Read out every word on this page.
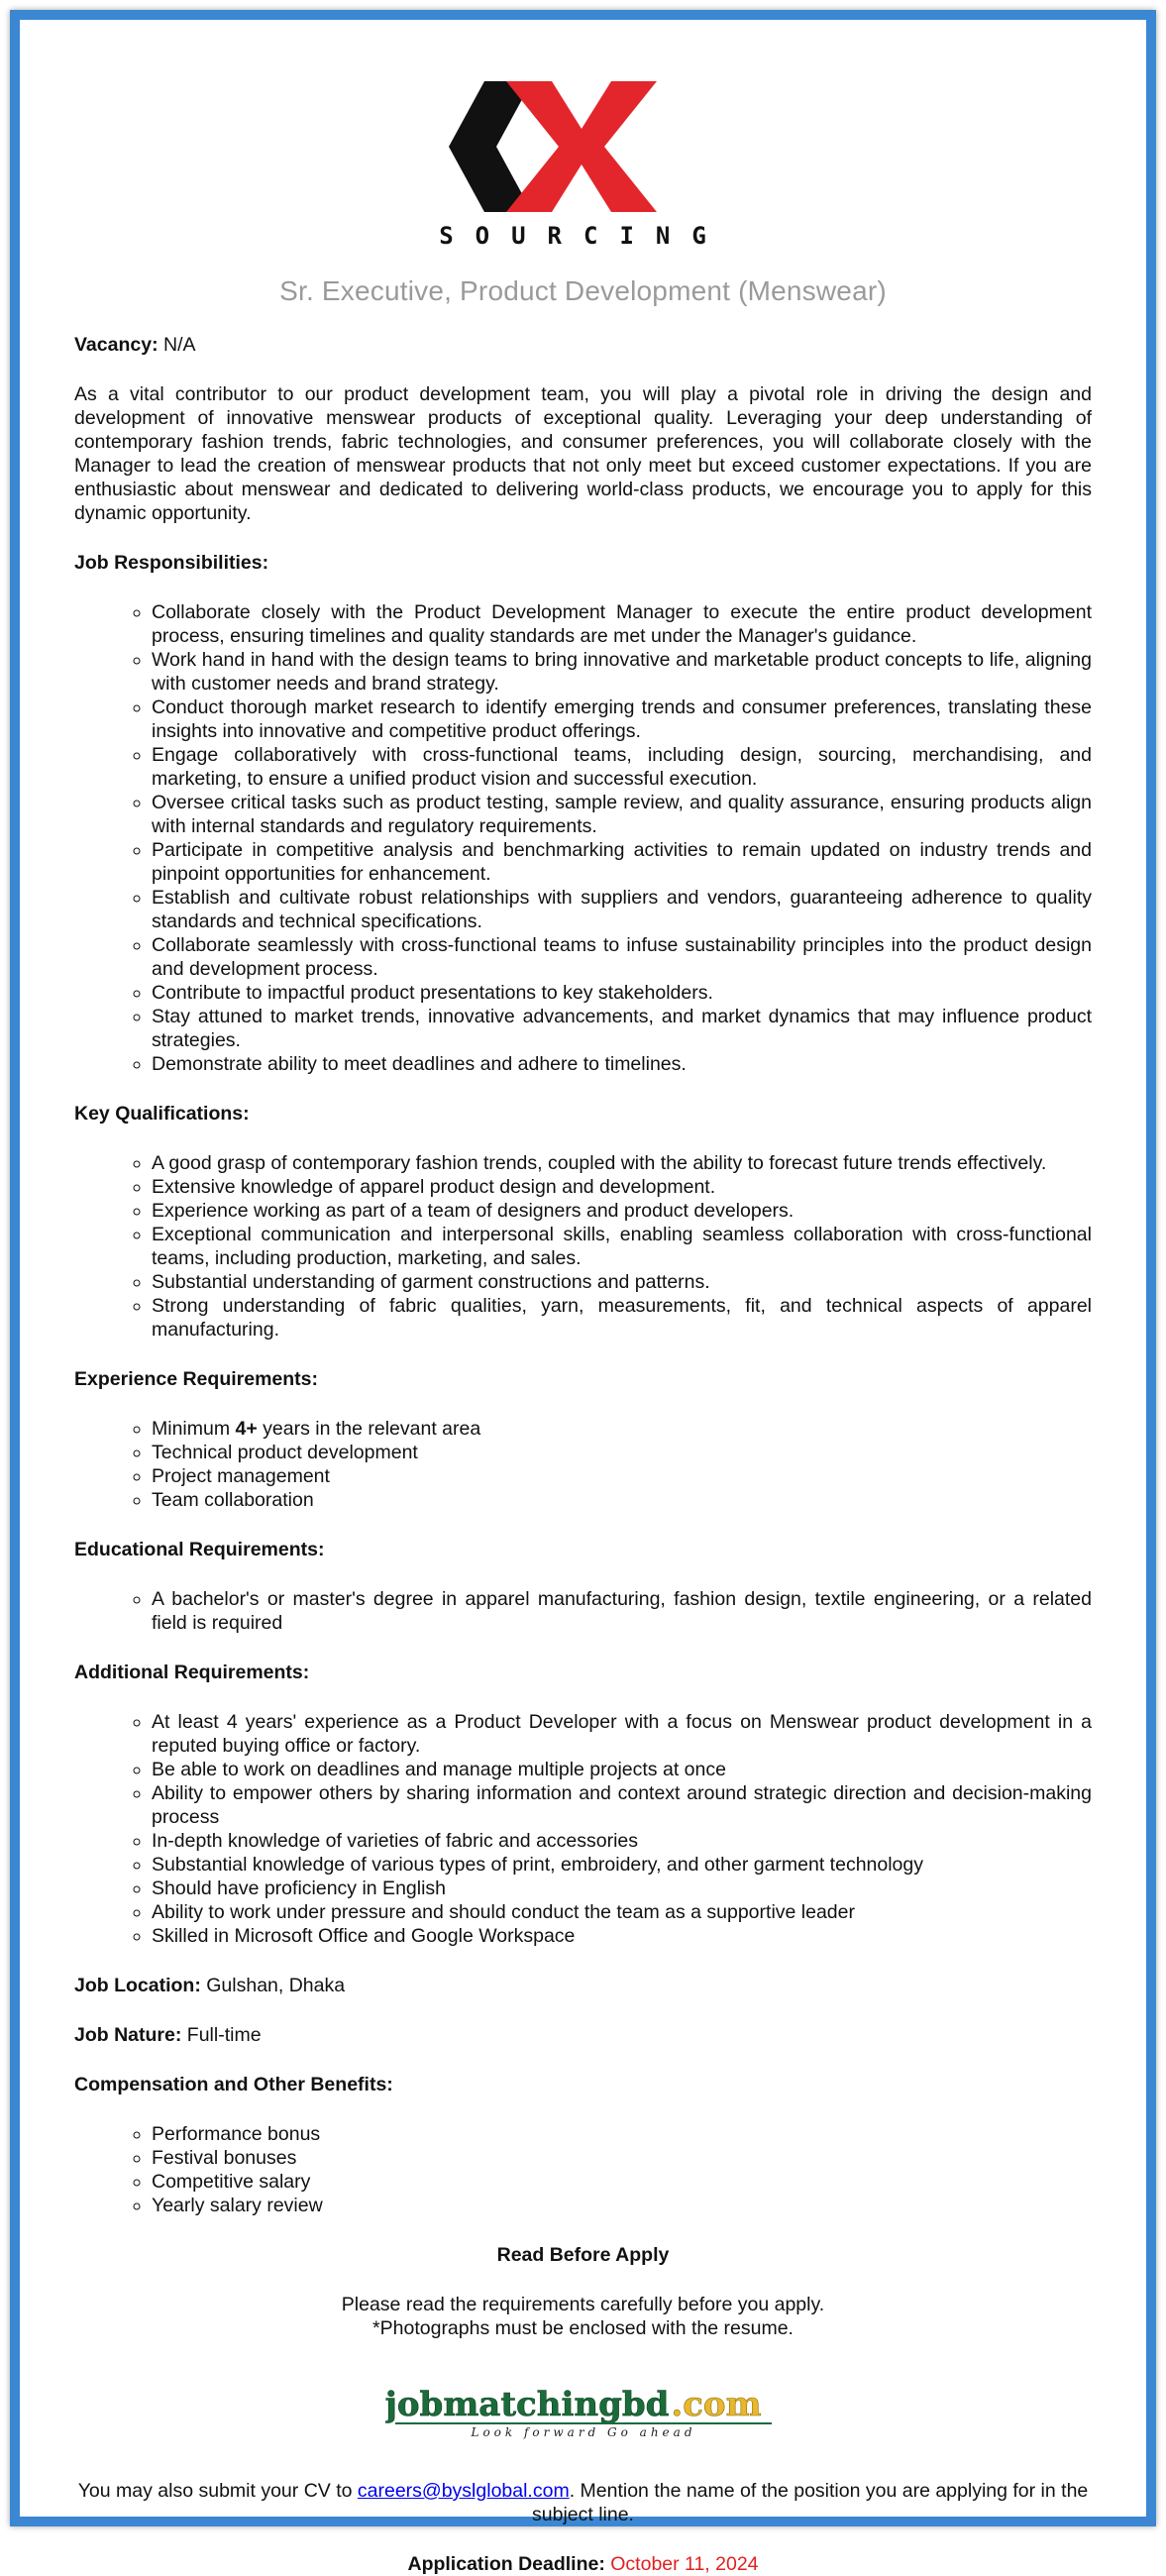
SOURCING
Sr. Executive, Product Development (Menswear)

Vacancy: N/A

As a vital contributor to our product development team, you will play a pivotal role in driving the design and development of innovative menswear products of exceptional quality. Leveraging your deep understanding of contemporary fashion trends, fabric technologies, and consumer preferences, you will collaborate closely with the Manager to lead the creation of menswear products that not only meet but exceed customer expectations. If you are enthusiastic about menswear and dedicated to delivering world-class products, we encourage you to apply for this dynamic opportunity.

Job Responsibilities:

◦ Collaborate closely with the Product Development Manager to execute the entire product development process, ensuring timelines and quality standards are met under the Manager's guidance.
◦ Work hand in hand with the design teams to bring innovative and marketable product concepts to life, aligning with customer needs and brand strategy.
◦ Conduct thorough market research to identify emerging trends and consumer preferences, translating these insights into innovative and competitive product offerings.
◦ Engage collaboratively with cross-functional teams, including design, sourcing, merchandising, and marketing, to ensure a unified product vision and successful execution.
◦ Oversee critical tasks such as product testing, sample review, and quality assurance, ensuring products align with internal standards and regulatory requirements.
◦ Participate in competitive analysis and benchmarking activities to remain updated on industry trends and pinpoint opportunities for enhancement.
◦ Establish and cultivate robust relationships with suppliers and vendors, guaranteeing adherence to quality standards and technical specifications.
◦ Collaborate seamlessly with cross-functional teams to infuse sustainability principles into the product design and development process.
◦ Contribute to impactful product presentations to key stakeholders.
◦ Stay attuned to market trends, innovative advancements, and market dynamics that may influence product strategies.
◦ Demonstrate ability to meet deadlines and adhere to timelines.

Key Qualifications:

◦ A good grasp of contemporary fashion trends, coupled with the ability to forecast future trends effectively.
◦ Extensive knowledge of apparel product design and development.
◦ Experience working as part of a team of designers and product developers.
◦ Exceptional communication and interpersonal skills, enabling seamless collaboration with cross-functional teams, including production, marketing, and sales.
◦ Substantial understanding of garment constructions and patterns.
◦ Strong understanding of fabric qualities, yarn, measurements, fit, and technical aspects of apparel manufacturing.

Experience Requirements:

◦ Minimum 4+ years in the relevant area
◦ Technical product development
◦ Project management
◦ Team collaboration

Educational Requirements:

◦ A bachelor's or master's degree in apparel manufacturing, fashion design, textile engineering, or a related field is required

Additional Requirements:

◦ At least 4 years' experience as a Product Developer with a focus on Menswear product development in a reputed buying office or factory.
◦ Be able to work on deadlines and manage multiple projects at once
◦ Ability to empower others by sharing information and context around strategic direction and decision-making process
◦ In-depth knowledge of varieties of fabric and accessories
◦ Substantial knowledge of various types of print, embroidery, and other garment technology
◦ Should have proficiency in English
◦ Ability to work under pressure and should conduct the team as a supportive leader
◦ Skilled in Microsoft Office and Google Workspace

Job Location: Gulshan, Dhaka

Job Nature: Full-time

Compensation and Other Benefits:

◦ Performance bonus
◦ Festival bonuses
◦ Competitive salary
◦ Yearly salary review

Read Before Apply

Please read the requirements carefully before you apply.

*Photographs must be enclosed with the resume.

jobmatchingbd .com
Look forward Go ahead

You may also submit your CV to careers@byslglobal.com. Mention the name of the position you are applying for in the subject line.

Application Deadline: October 11, 2024
